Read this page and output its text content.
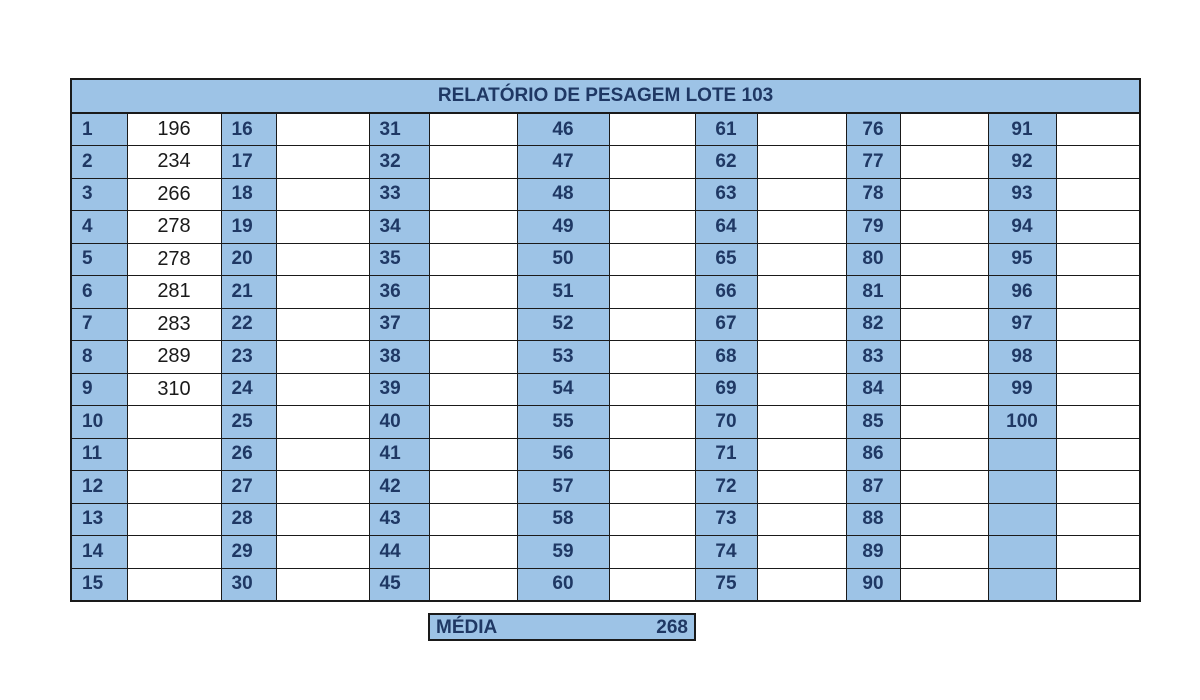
RELATÓRIO DE PESAGEM LOTE 103													
1	196	16		31		46		61		76		91	
2	234	17		32		47		62		77		92	
3	266	18		33		48		63		78		93	
4	278	19		34		49		64		79		94	
5	278	20		35		50		65		80		95	
6	281	21		36		51		66		81		96	
7	283	22		37		52		67		82		97	
8	289	23		38		53		68		83		98	
9	310	24		39		54		69		84		99	
10		25		40		55		70		85		100	
11		26		41		56		71		86			
12		27		42		57		72		87			
13		28		43		58		73		88			
14		29		44		59		74		89			
15		30		45		60		75		90			
MÉDIA	268
